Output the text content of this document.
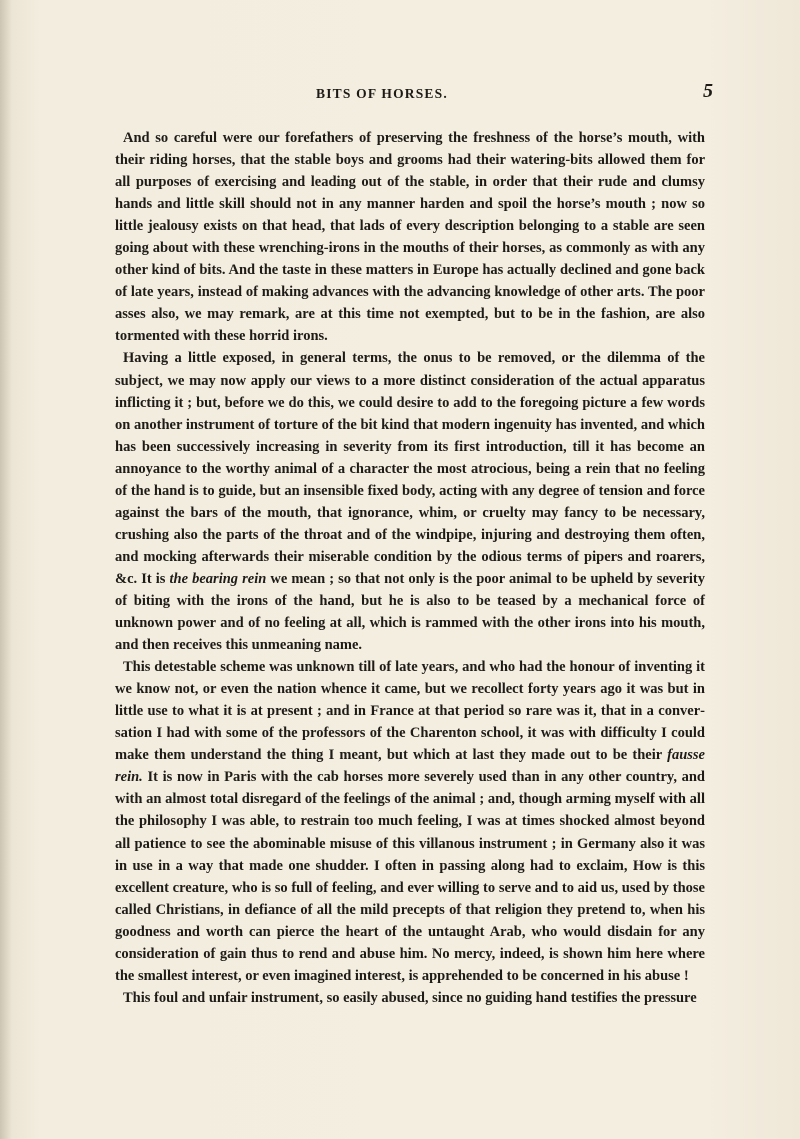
BITS OF HORSES.	5

And so careful were our forefathers of preserving the freshness of the horse’s mouth, with their riding horses, that the stable boys and grooms had their watering-bits allowed them for all purposes of exercising and leading out of the stable, in order that their rude and clumsy hands and little skill should not in any manner harden and spoil the horse’s mouth ; now so little jealousy exists on that head, that lads of every description belonging to a stable are seen going about with these wrenching-irons in the mouths of their horses, as commonly as with any other kind of bits. And the taste in these matters in Europe has actually declined and gone back of late years, instead of making advances with the advancing knowledge of other arts. The poor asses also, we may remark, are at this time not exempted, but to be in the fashion, are also tormented with these horrid irons.

Having a little exposed, in general terms, the onus to be removed, or the dilemma of the subject, we may now apply our views to a more distinct consideration of the actual apparatus inflicting it ; but, before we do this, we could desire to add to the foregoing picture a few words on another instrument of torture of the bit kind that modern ingenuity has invented, and which has been successively increasing in severity from its first introduction, till it has become an annoyance to the worthy animal of a character the most atrocious, being a rein that no feeling of the hand is to guide, but an insensible fixed body, acting with any degree of tension and force against the bars of the mouth, that ignorance, whim, or cruelty may fancy to be necessary, crushing also the parts of the throat and of the windpipe, injuring and destroying them often, and mocking afterwards their miserable condition by the odious terms of pipers and roarers, &c. It is the bearing rein we mean ; so that not only is the poor animal to be upheld by severity of biting with the irons of the hand, but he is also to be teased by a mechanical force of unknown power and of no feeling at all, which is rammed with the other irons into his mouth, and then receives this unmeaning name.

This detestable scheme was unknown till of late years, and who had the honour of inventing it we know not, or even the nation whence it came, but we recollect forty years ago it was but in little use to what it is at present ; and in France at that period so rare was it, that in a conversation I had with some of the professors of the Charenton school, it was with difficulty I could make them understand the thing I meant, but which at last they made out to be their fausse rein. It is now in Paris with the cab horses more severely used than in any other country, and with an almost total disregard of the feelings of the animal ; and, though arming myself with all the philosophy I was able, to restrain too much feeling, I was at times shocked almost beyond all patience to see the abominable misuse of this villanous instrument ; in Germany also it was in use in a way that made one shudder. I often in passing along had to exclaim, How is this excellent creature, who is so full of feeling, and ever willing to serve and to aid us, used by those called Christians, in defiance of all the mild precepts of that religion they pretend to, when his goodness and worth can pierce the heart of the untaught Arab, who would disdain for any consideration of gain thus to rend and abuse him. No mercy, indeed, is shown him here where the smallest interest, or even imagined interest, is apprehended to be concerned in his abuse !

This foul and unfair instrument, so easily abused, since no guiding hand testifies the pressure
